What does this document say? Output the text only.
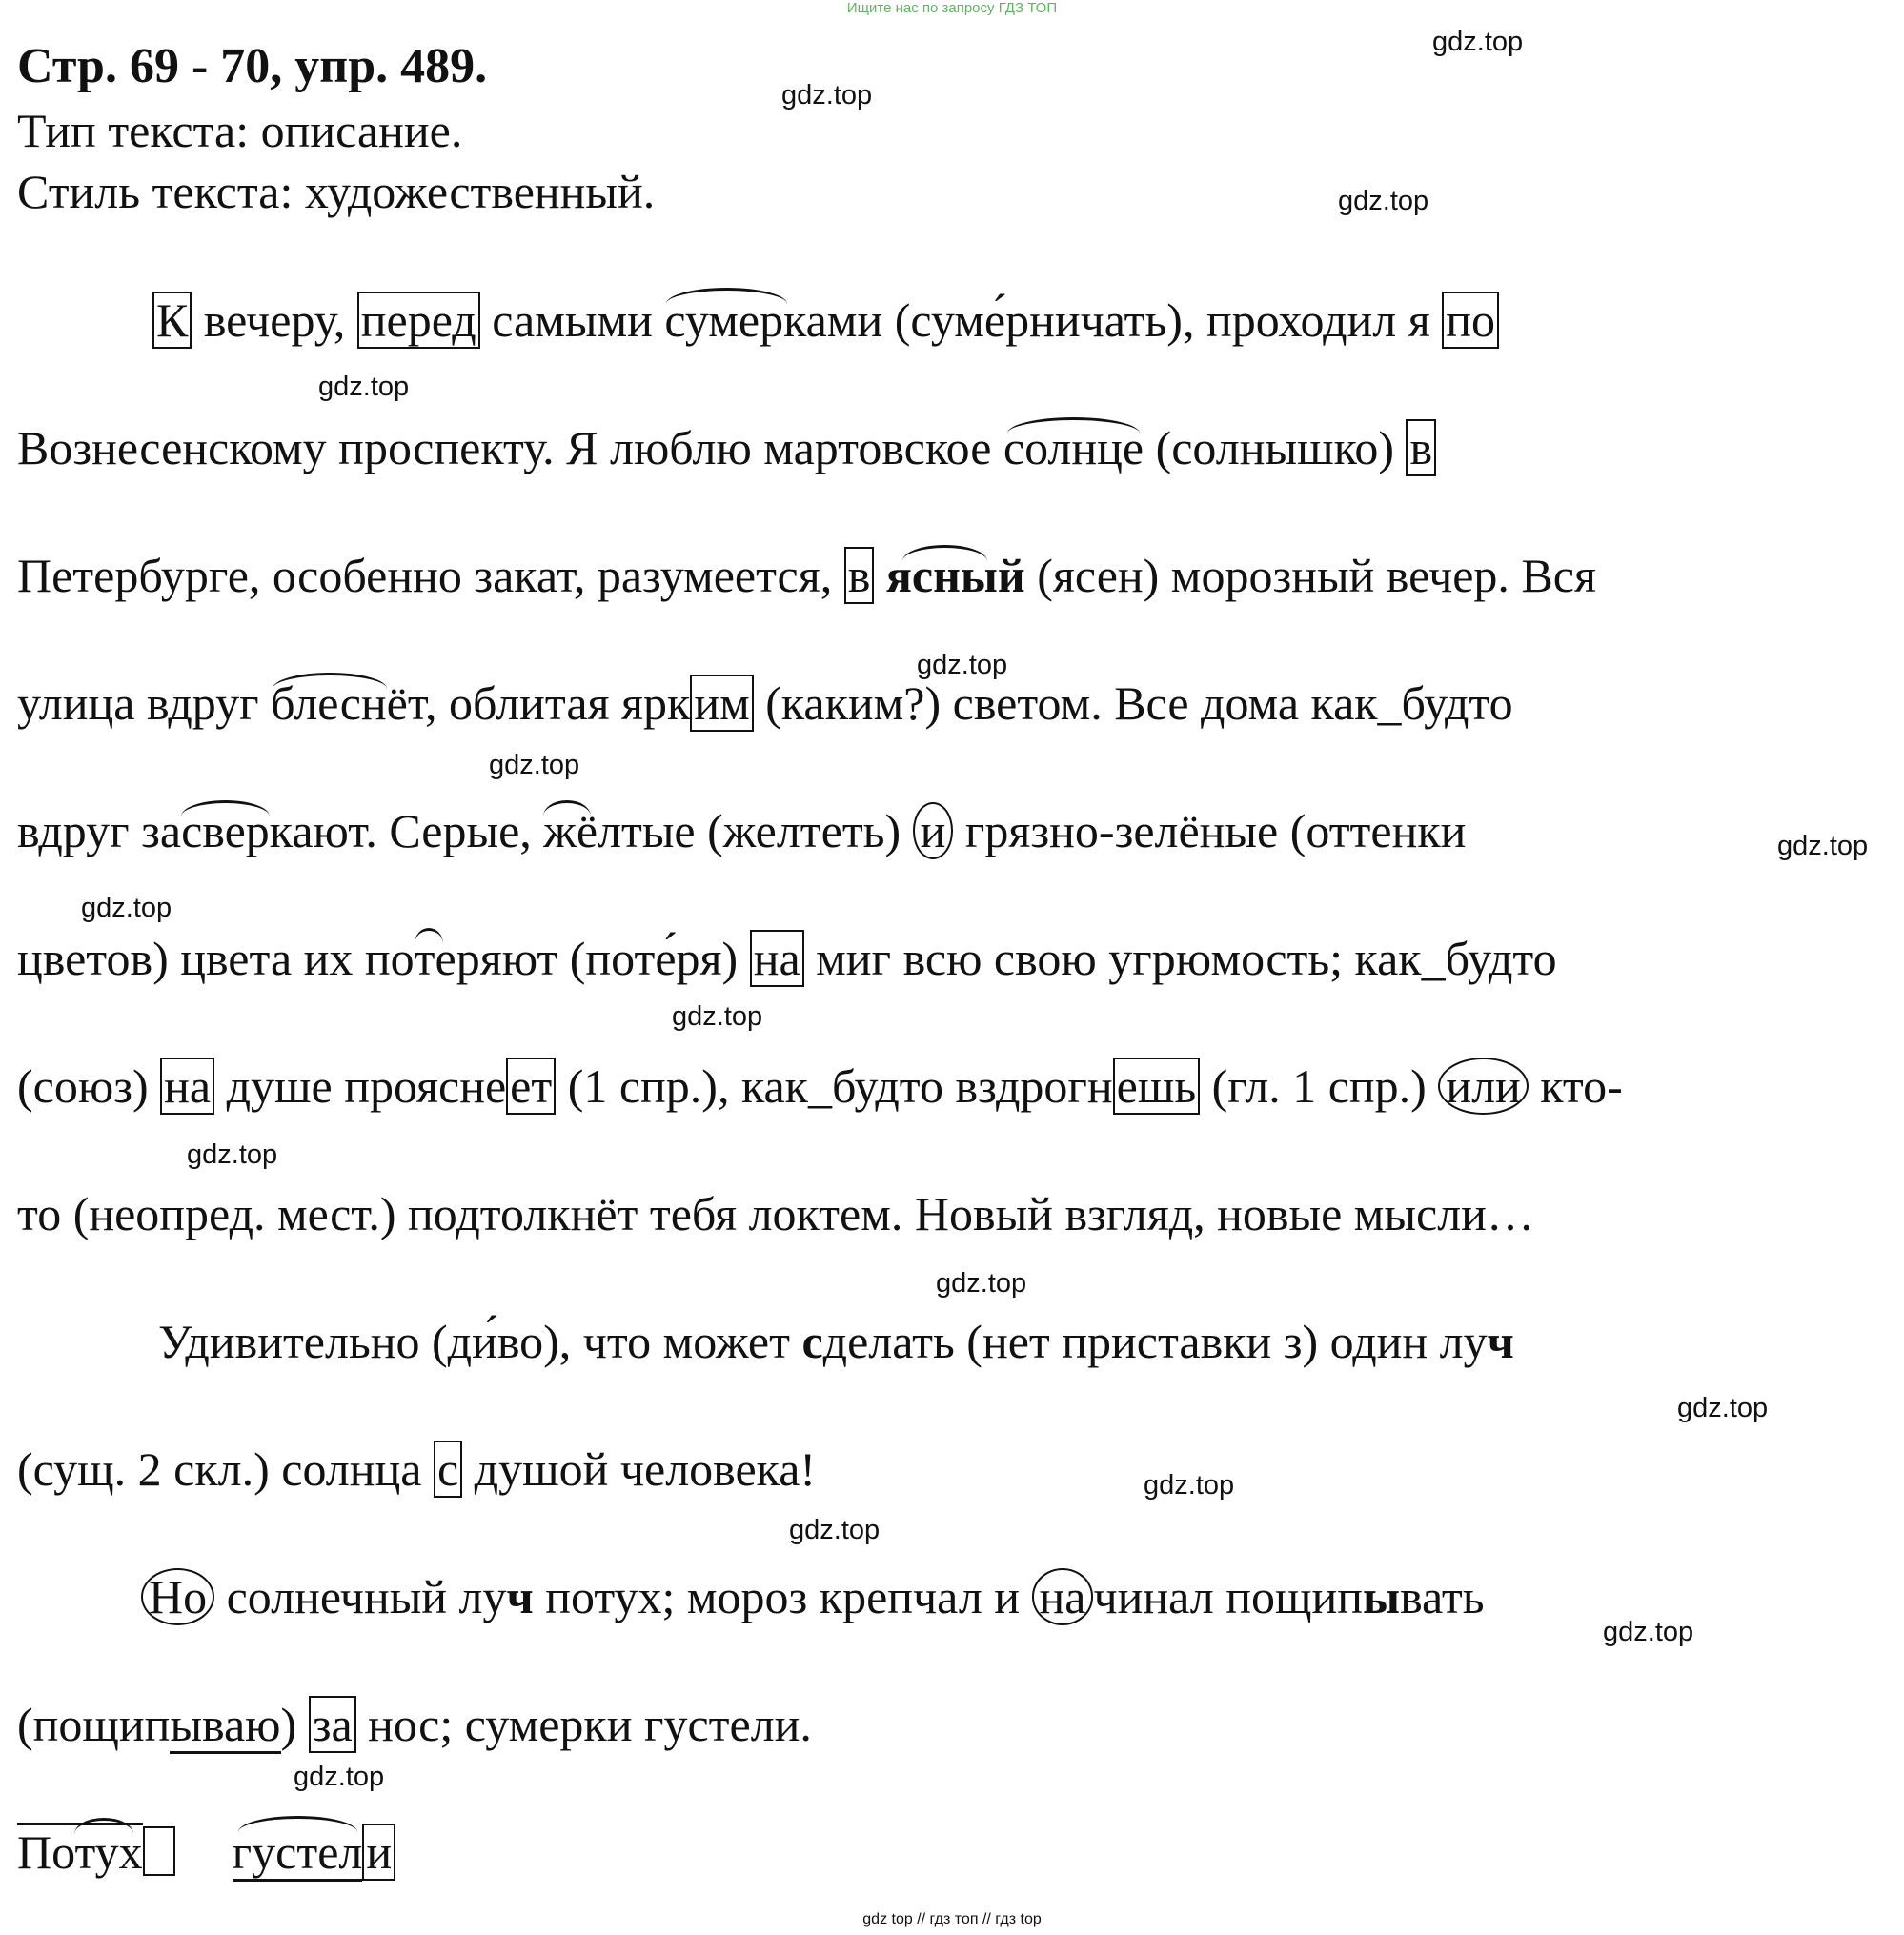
Ищите нас по запросу ГДЗ ТОП
Стр. 69 - 70, упр. 489.
Тип текста: описание.
Стиль текста: художественный.
gdz.top
gdz.top
gdz.top
gdz.top
gdz.top
gdz.top
gdz.top
gdz.top
gdz.top
gdz.top
gdz.top
gdz.top
gdz.top
gdz.top
gdz.top
gdz.top
К вечеру, перед самыми
сумерками (суме́рничать), проходил я по
Вознесенскому проспекту. Я люблю мартовское
солнце (солнышко) в
Петербурге, особенно закат, разумеется, в
ясный (ясен) морозный вечер. Вся
улица вдруг
блеснёт, облитая ярким (каким?) светом. Все дома как_будто
вдруг за
сверкают. Серые,
жёлтые (желтеть) и грязно-зелёные (оттенки
цветов) цвета их по
теряют (поте́ря) на миг всю свою угрюмость; как_будто
(союз) на душе прояснеет (1 спр.), как_будто вздрогнешь (гл. 1 спр.) или кто-
то (неопред. мест.) подтолкнёт тебя локтем. Новый взгляд, новые мысли…
Удивительно (ди́во), что может сделать (нет приставки з) один луч
(сущ. 2 скл.) солнца с душой человека!
Но солнечный луч потух; мороз крепчал и на чинал пощипывать
(пощипываю) за нос; сумерки густели.
Потух густел
и
gdz top // гдз топ // гдз top
